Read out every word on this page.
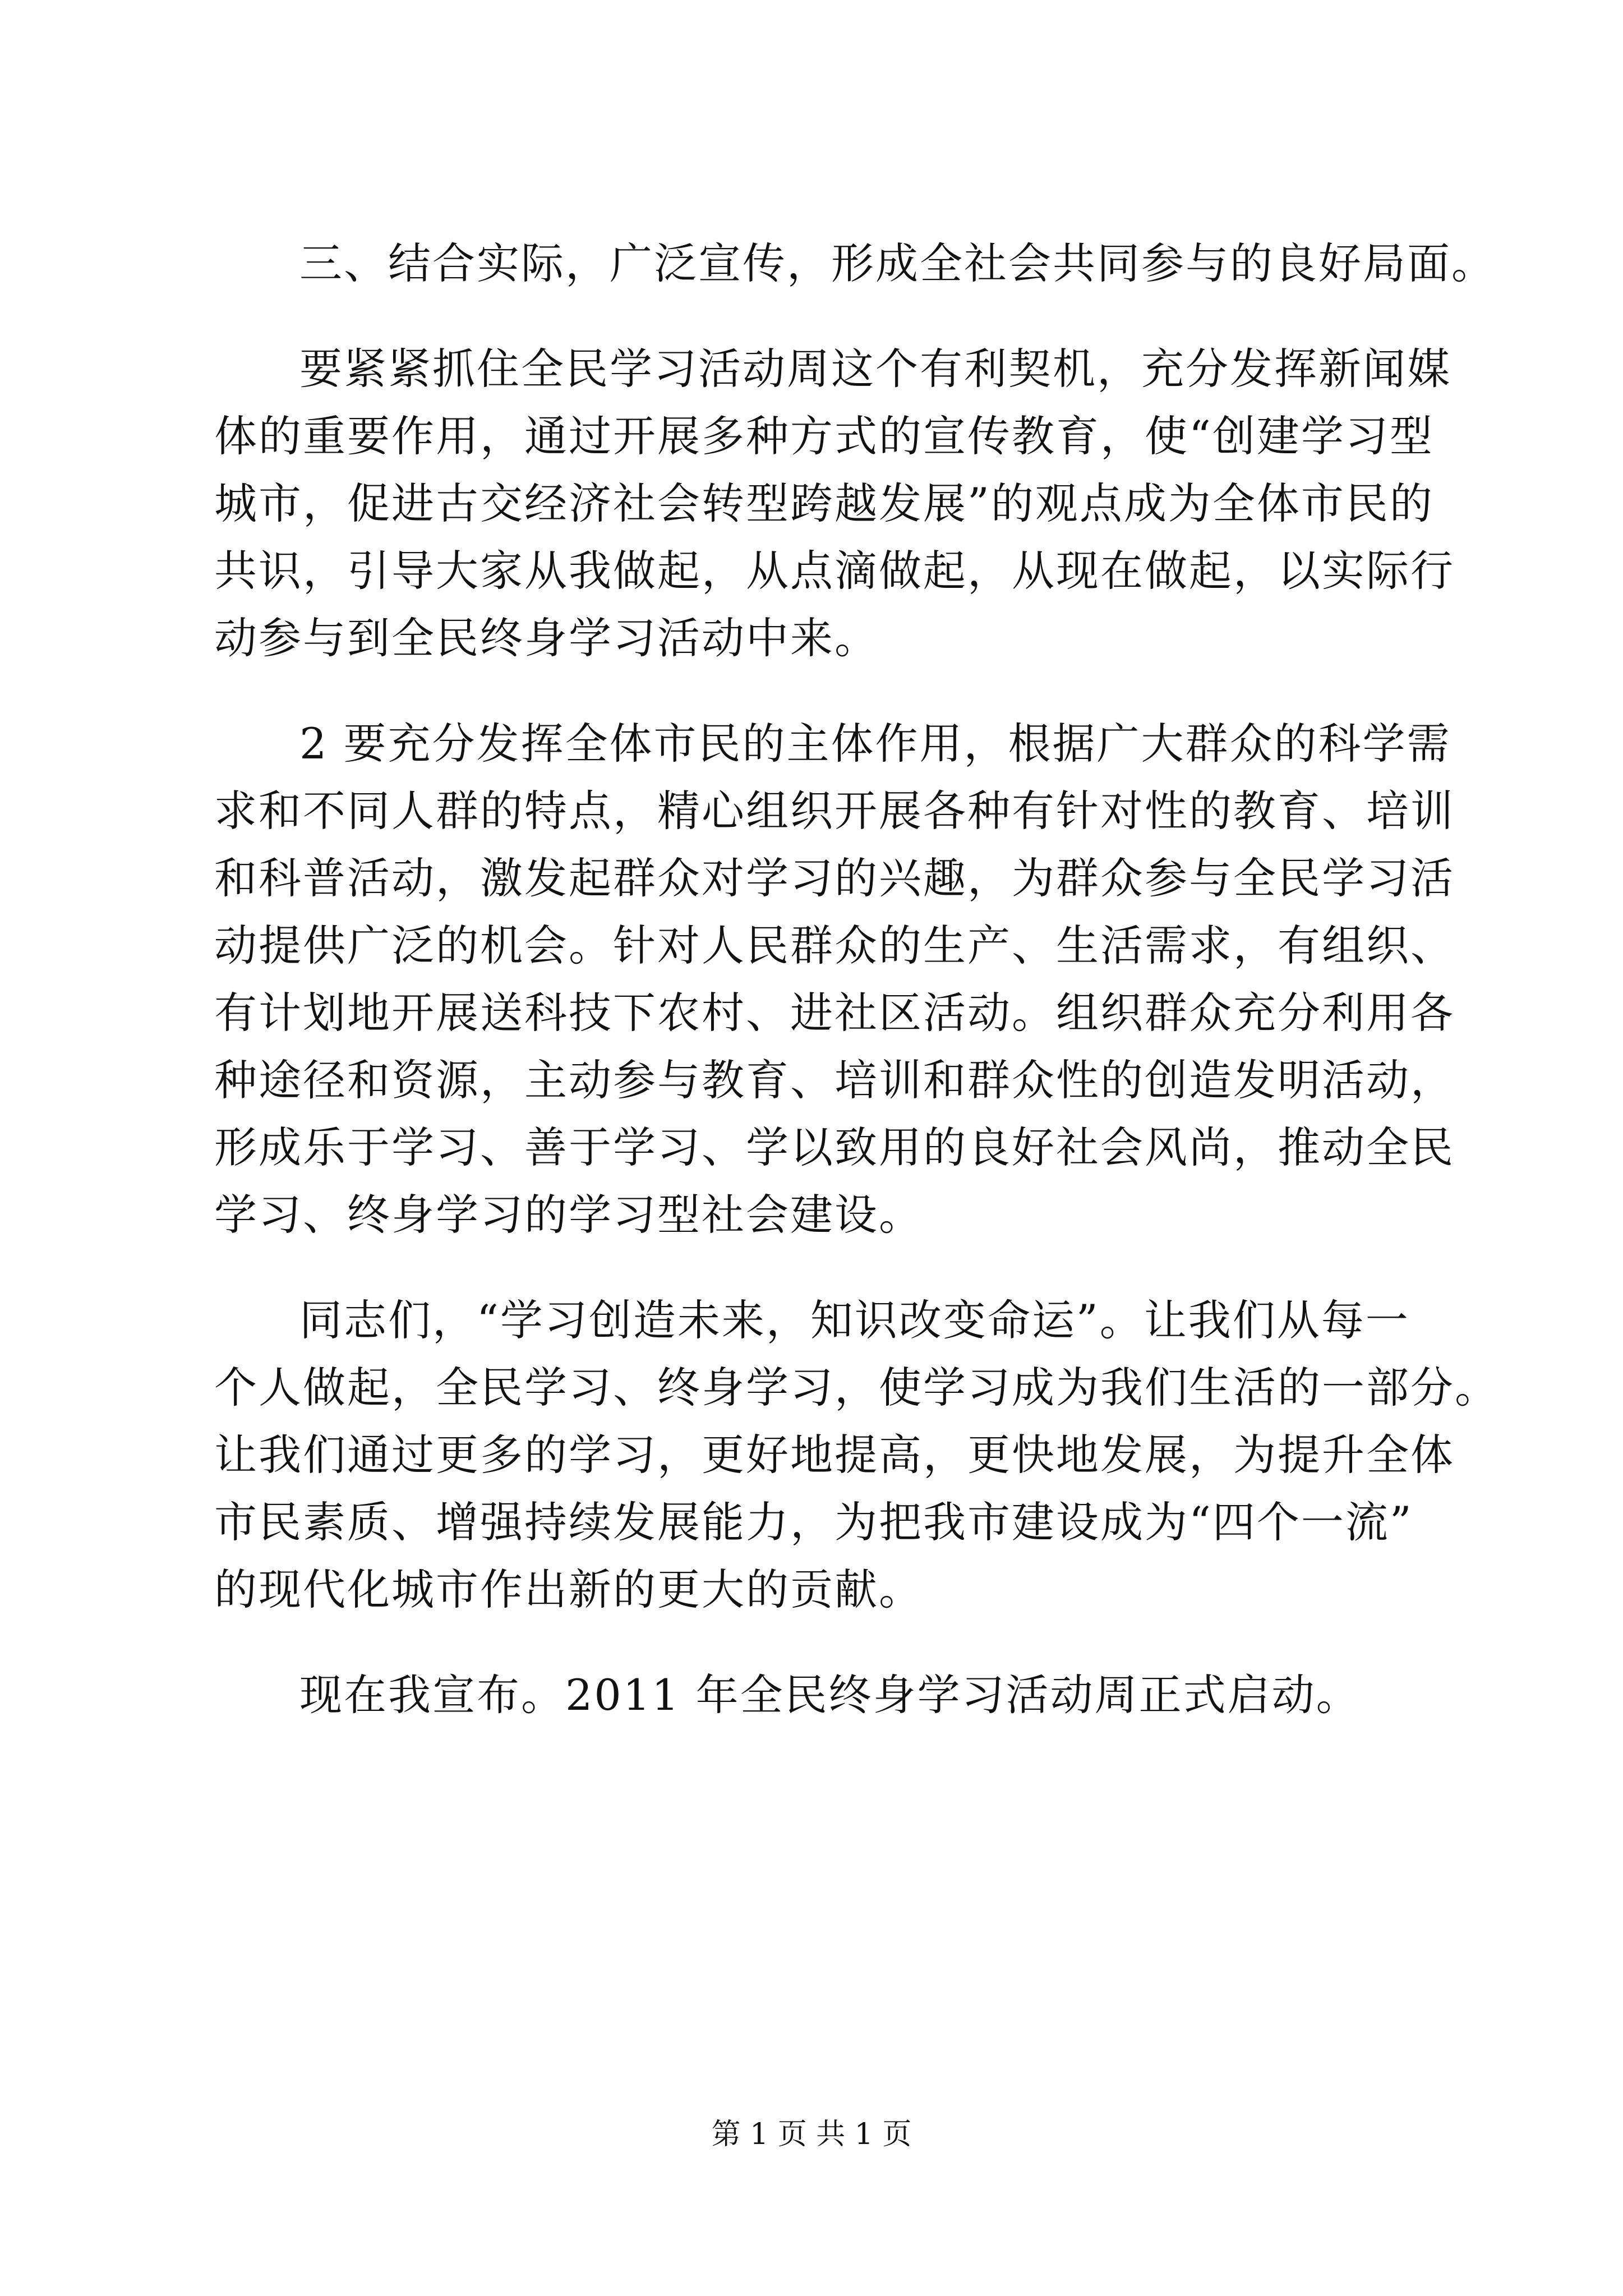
三、结合实际，广泛宣传，形成全社会共同参与的良好局面。
要紧紧抓住全民学习活动周这个有利契机，充分发挥新闻媒
体的重要作用，通过开展多种方式的宣传教育，使“创建学习型
城市，促进古交经济社会转型跨越发展”的观点成为全体市民的
共识，引导大家从我做起，从点滴做起，从现在做起，以实际行
动参与到全民终身学习活动中来。
2 要充分发挥全体市民的主体作用，根据广大群众的科学需
求和不同人群的特点，精心组织开展各种有针对性的教育、培训
和科普活动，激发起群众对学习的兴趣，为群众参与全民学习活
动提供广泛的机会。针对人民群众的生产、生活需求，有组织、
有计划地开展送科技下农村、进社区活动。组织群众充分利用各
种途径和资源，主动参与教育、培训和群众性的创造发明活动，
形成乐于学习、善于学习、学以致用的良好社会风尚，推动全民
学习、终身学习的学习型社会建设。
同志们，“学习创造未来，知识改变命运”。让我们从每一
个人做起，全民学习、终身学习，使学习成为我们生活的一部分。
让我们通过更多的学习，更好地提高，更快地发展，为提升全体
市民素质、增强持续发展能力，为把我市建设成为“四个一流”
的现代化城市作出新的更大的贡献。
现在我宣布。2011 年全民终身学习活动周正式启动。
第 1 页 共 1 页
